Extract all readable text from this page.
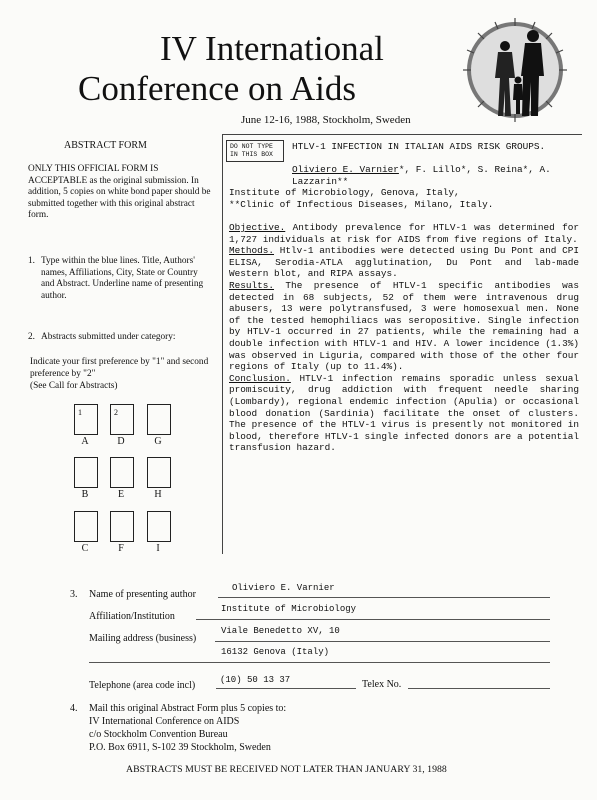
IV International
Conference on Aids
June 12-16, 1988, Stockholm, Sweden
ABSTRACT FORM
ONLY THIS OFFICIAL FORM IS ACCEPTABLE as the original submission. In addition, 5 copies on white bond paper should be submitted together with this original abstract form.
1. Type within the blue lines. Title, Authors' names, Affiliations, City, State or Country and Abstract. Underline name of presenting author.
2. Abstracts submitted under category:
Indicate your first preference by "1" and second preference by "2"
(See Call for Abstracts)
1	2
A	D	G
B	E	H
C	F	I
DO NOT TYPE IN THIS BOX
HTLV-1 INFECTION IN ITALIAN AIDS RISK GROUPS.
Oliviero E. Varnier*, F. Lillo*, S. Reina*, A. Lazzarin**
Institute of Microbiology, Genova, Italy,
**Clinic of Infectious Diseases, Milano, Italy.

Objective. Antibody prevalence for HTLV-1 was determined for 1,727 individuals at risk for AIDS from five regions of Italy.

Methods. Htlv-1 antibodies were detected using Du Pont and CPI ELISA, Serodia-ATLA agglutination, Du Pont and lab-made Western blot, and RIPA assays.

Results. The presence of HTLV-1 specific antibodies was detected in 68 subjects, 52 of them were intravenous drug abusers, 13 were polytransfused, 3 were homosexual men. None of the tested hemophiliacs was seropositive. Single infection by HTLV-1 occurred in 27 patients, while the remaining had a double infection with HTLV-1 and HIV. A lower incidence (1.3%) was observed in Liguria, compared with those of the other four regions of Italy (up to 11.4%).

Conclusion. HTLV-1 infection remains sporadic unless sexual promiscuity, drug addiction with frequent needle sharing (Lombardy), regional endemic infection (Apulia) or occasional blood donation (Sardinia) facilitate the onset of clusters. The presence of the HTLV-1 virus is presently not monitored in blood, therefore HTLV-1 single infected donors are a potential transfusion hazard.

3. Name of presenting author
Oliviero E. Varnier
Affiliation/Institution
Institute of Microbiology
Mailing address (business)
Viale Benedetto XV, 10
16132 Genova (Italy)
Telephone (area code incl)	(10) 50 13 37	Telex No.
4. Mail this original Abstract Form plus 5 copies to:
IV International Conference on AIDS
c/o Stockholm Convention Bureau
P.O. Box 6911, S-102 39 Stockholm, Sweden
ABSTRACTS MUST BE RECEIVED NOT LATER THAN JANUARY 31, 1988
